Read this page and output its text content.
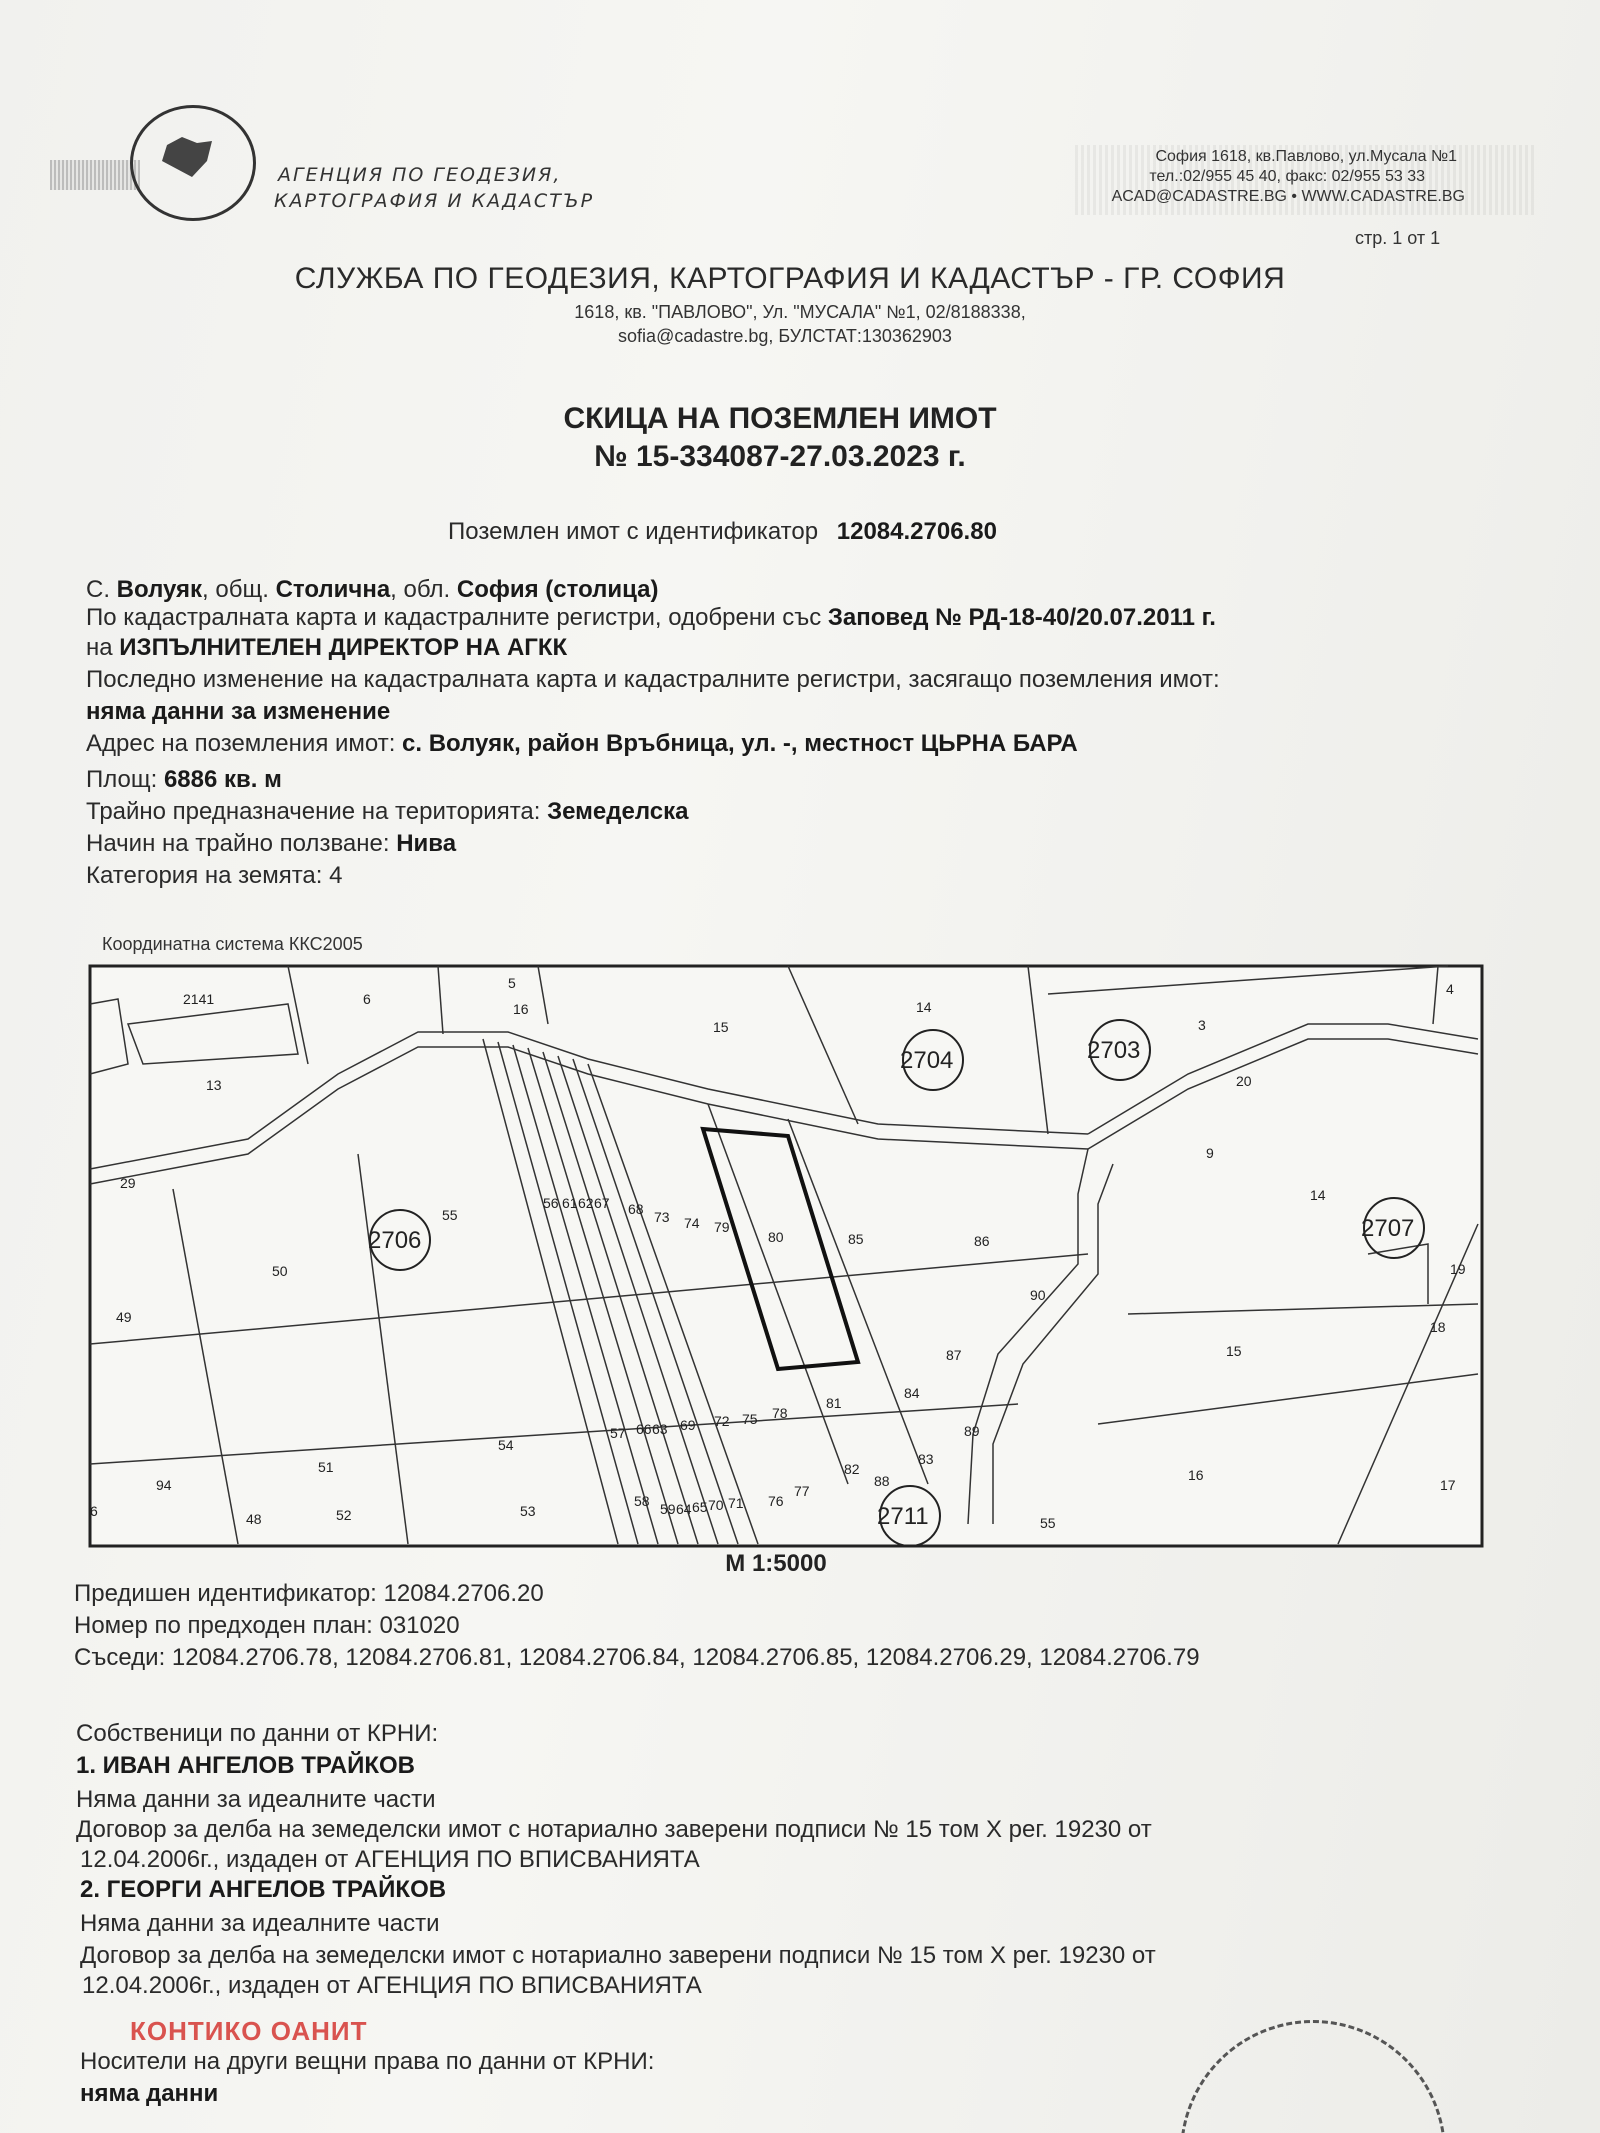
АГЕНЦИЯ ПО ГЕОДЕЗИЯ,
КАРТОГРАФИЯ И КАДАСТЪР
София 1618, кв.Павлово, ул.Мусала №1
тел.:02/955 45 40, факс: 02/955 53 33
ACAD@CADASTRE.BG • WWW.CADASTRE.BG
стр. 1 от 1
СЛУЖБА ПО ГЕОДЕЗИЯ, КАРТОГРАФИЯ И КАДАСТЪР - ГР. СОФИЯ
1618, кв. "ПАВЛОВО", Ул. "МУСАЛА" №1, 02/8188338,
sofia@cadastre.bg, БУЛСТАТ:130362903
СКИЦА НА ПОЗЕМЛЕН ИМОТ
№ 15-334087-27.03.2023 г.
Поземлен имот с идентификатор 12084.2706.80
С. Волуяк, общ. Столична, обл. София (столица)
По кадастралната карта и кадастралните регистри, одобрени със Заповед № РД-18-40/20.07.2011 г.
на ИЗПЪЛНИТЕЛЕН ДИРЕКТОР НА АГКК
Последно изменение на кадастралната карта и кадастралните регистри, засягащо поземления имот:
няма данни за изменение
Адрес на поземления имот: с. Волуяк, район Връбница, ул. -, местност ЦЬРНА БАРА
Площ: 6886 кв. м
Трайно предназначение на територията: Земеделска
Начин на трайно ползване: Нива
Категория на земята: 4
Координатна система ККС2005
2706
2704	2703
2707
2711
2141	6
5
16
15
14
4
3
20
13
29
55
50
49
56 61 62 67 68 73 74 79
80	85	86
90
9
14
19
18
15
87
81
84
57 66 63 69 72 75 78
54
51
94
6	48	52	53
58 59 64 65 70 71 76
77
82
83
88
89
16
17
55
М 1:5000
Предишен идентификатор: 12084.2706.20
Номер по предходен план: 031020
Съседи: 12084.2706.78, 12084.2706.81, 12084.2706.84, 12084.2706.85, 12084.2706.29, 12084.2706.79
Собственици по данни от КРНИ:
1. ИВАН АНГЕЛОВ ТРАЙКОВ
Няма данни за идеалните части
Договор за делба на земеделски имот с нотариално заверени подписи № 15 том X рег. 19230 от
12.04.2006г., издаден от АГЕНЦИЯ ПО ВПИСВАНИЯТА
2. ГЕОРГИ АНГЕЛОВ ТРАЙКОВ
Няма данни за идеалните части
Договор за делба на земеделски имот с нотариално заверени подписи № 15 том X рег. 19230 от
12.04.2006г., издаден от АГЕНЦИЯ ПО ВПИСВАНИЯТА
КОНТИКО ОАНИТ
Носители на други вещни права по данни от КРНИ:
няма данни
